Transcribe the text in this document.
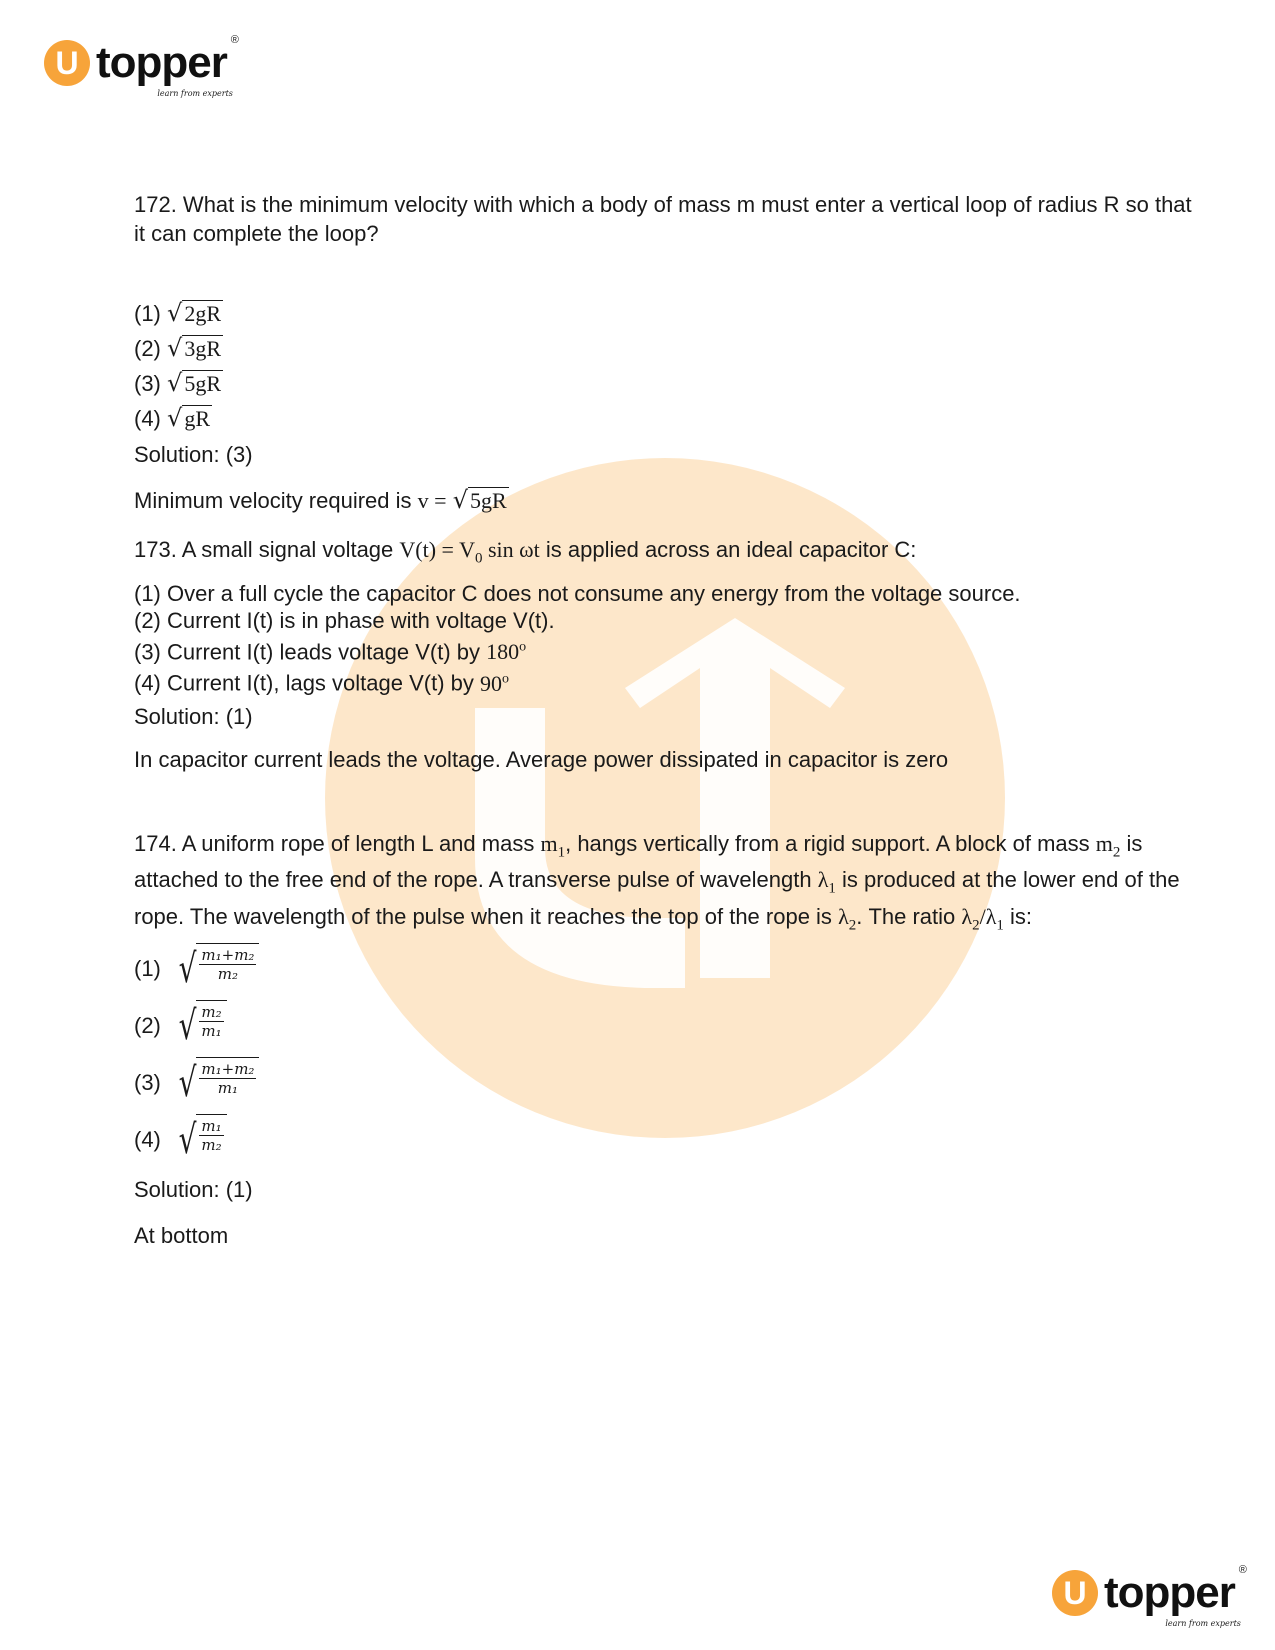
U topper ®
learn from experts
172. What is the minimum velocity with which a body of mass m must enter a vertical loop of radius R so that it can complete the loop?
(1)
√ 2gR
(2)
√ 3gR
(3)
√ 5gR
(4)
√ gR
Solution: (3)
Minimum velocity required is
v =
√ 5gR
173. A small signal voltage $V(t) = V_0$ sin ωt is applied across an ideal capacitor C:
(1) Over a full cycle the capacitor C does not consume any energy from the voltage source.
(2) Current I(t) is in phase with voltage V(t).
(3) Current I(t) leads voltage V(t) by 180$^o$
(4) Current I(t), lags voltage V(t) by 90$^o$
Solution: (1)
In capacitor current leads the voltage. Average power dissipated in capacitor is zero
174. A uniform rope of length L and mass $m_1$, hangs vertically from a rigid support. A block of mass $m_2$ is attached to the free end of the rope. A transverse pulse of wavelength $\lambda_1$ is produced at the lower end of the rope. The wavelength of the pulse when it reaches the top of the rope is $\lambda_2$. The ratio $\lambda_2/\lambda_1$ is:
(1) √ $\frac{\text{m₁+m₂}}{\text{m₂}}$
(2) √ $\frac{\text{m₂}}{\text{m₁}}$
(3) √ $\frac{\text{m₁+m₂}}{\text{m₁}}$
(4) √ $\frac{\text{m₁}}{\text{m₂}}$
Solution: (1)
At bottom
U topper ®
learn from experts
